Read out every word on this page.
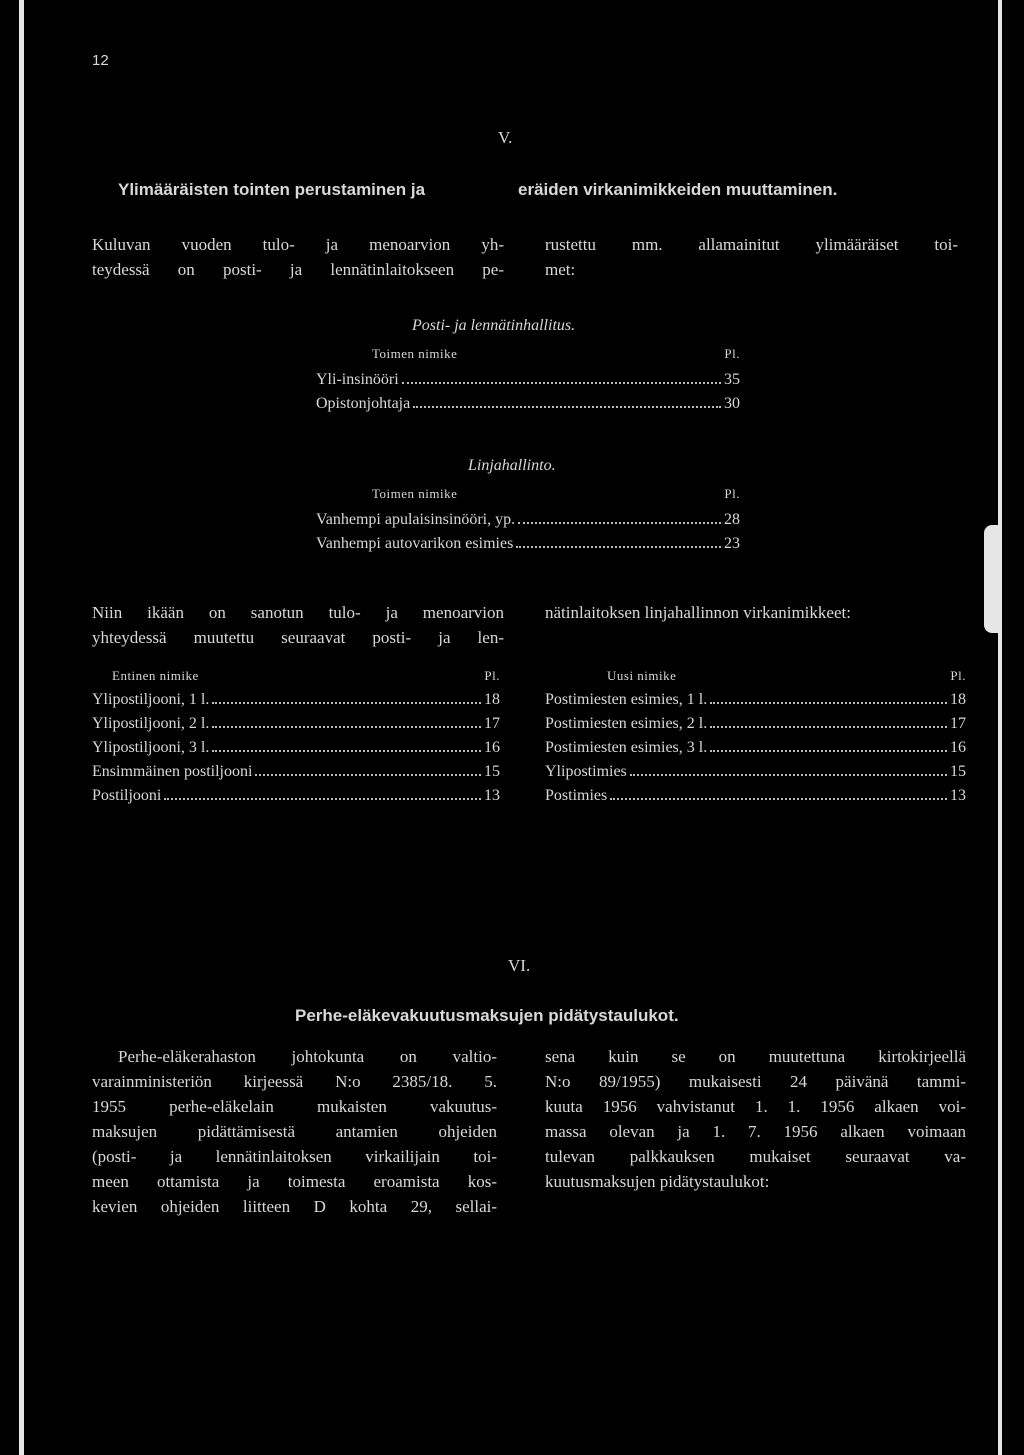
12
V.
Ylimääräisten tointen perustaminen ja	eräiden virkanimikkeiden muuttaminen.
Kuluvan vuoden tulo- ja menoarvion yh-
teydessä on posti- ja lennätinlaitokseen pe-
rustettu mm. allamainitut ylimääräiset toi-
met:
Posti- ja lennätinhallitus.
Toimen nimike	Pl.
Yli-insinööri	35
Opistonjohtaja	30
Linjahallinto.
Toimen nimike	Pl.
Vanhempi apulaisinsinööri, yp.	28
Vanhempi autovarikon esimies	23
Niin ikään on sanotun tulo- ja menoarvion
yhteydessä muutettu seuraavat posti- ja len-
nätinlaitoksen linjahallinnon virkanimikkeet:
Entinen nimike	Pl.
Ylipostiljooni, 1 l.	18
Ylipostiljooni, 2 l.	17
Ylipostiljooni, 3 l.	16
Ensimmäinen postiljooni	15
Postiljooni	13
Uusi nimike	Pl.
Postimiesten esimies, 1 l.	18
Postimiesten esimies, 2 l.	17
Postimiesten esimies, 3 l.	16
Ylipostimies	15
Postimies	13
VI.
Perhe-eläkevakuutusmaksujen pidätystaulukot.
Perhe-eläkerahaston johtokunta on valtio-
varainministeriön kirjeessä N:o 2385/18. 5.
1955 perhe-eläkelain mukaisten vakuutus-
maksujen pidättämisestä antamien ohjeiden
(posti- ja lennätinlaitoksen virkailijain toi-
meen ottamista ja toimesta eroamista kos-
kevien ohjeiden liitteen D kohta 29, sellai-
sena kuin se on muutettuna kirtokirjeellä
N:o 89/1955) mukaisesti 24 päivänä tammi-
kuuta 1956 vahvistanut 1. 1. 1956 alkaen voi-
massa olevan ja 1. 7. 1956 alkaen voimaan
tulevan palkkauksen mukaiset seuraavat va-
kuutusmaksujen pidätystaulukot:
